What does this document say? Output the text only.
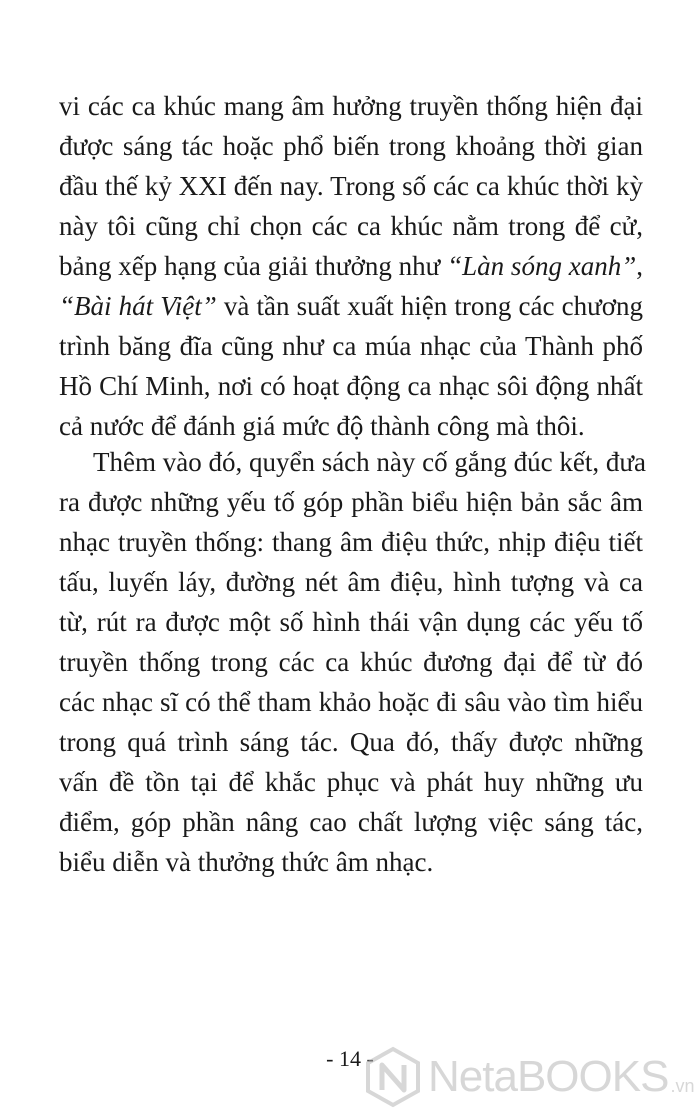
vi các ca khúc mang âm hưởng truyền thống hiện đại
được sáng tác hoặc phổ biến trong khoảng thời gian
đầu thế kỷ XXI đến nay. Trong số các ca khúc thời kỳ
này tôi cũng chỉ chọn các ca khúc nằm trong để cử,
bảng xếp hạng của giải thưởng như “Làn sóng xanh”,
“Bài hát Việt” và tần suất xuất hiện trong các chương
trình băng đĩa cũng như ca múa nhạc của Thành phố
Hồ Chí Minh, nơi có hoạt động ca nhạc sôi động nhất
cả nước để đánh giá mức độ thành công mà thôi.
Thêm vào đó, quyển sách này cố gắng đúc kết, đưa
ra được những yếu tố góp phần biểu hiện bản sắc âm
nhạc truyền thống: thang âm điệu thức, nhịp điệu tiết
tấu, luyến láy, đường nét âm điệu, hình tượng và ca
từ, rút ra được một số hình thái vận dụng các yếu tố
truyền thống trong các ca khúc đương đại để từ đó
các nhạc sĩ có thể tham khảo hoặc đi sâu vào tìm hiểu
trong quá trình sáng tác. Qua đó, thấy được những
vấn đề tồn tại để khắc phục và phát huy những ưu
điểm, góp phần nâng cao chất lượng việc sáng tác,
biểu diễn và thưởng thức âm nhạc.
- 14 -	NetaBOOKS .vn
